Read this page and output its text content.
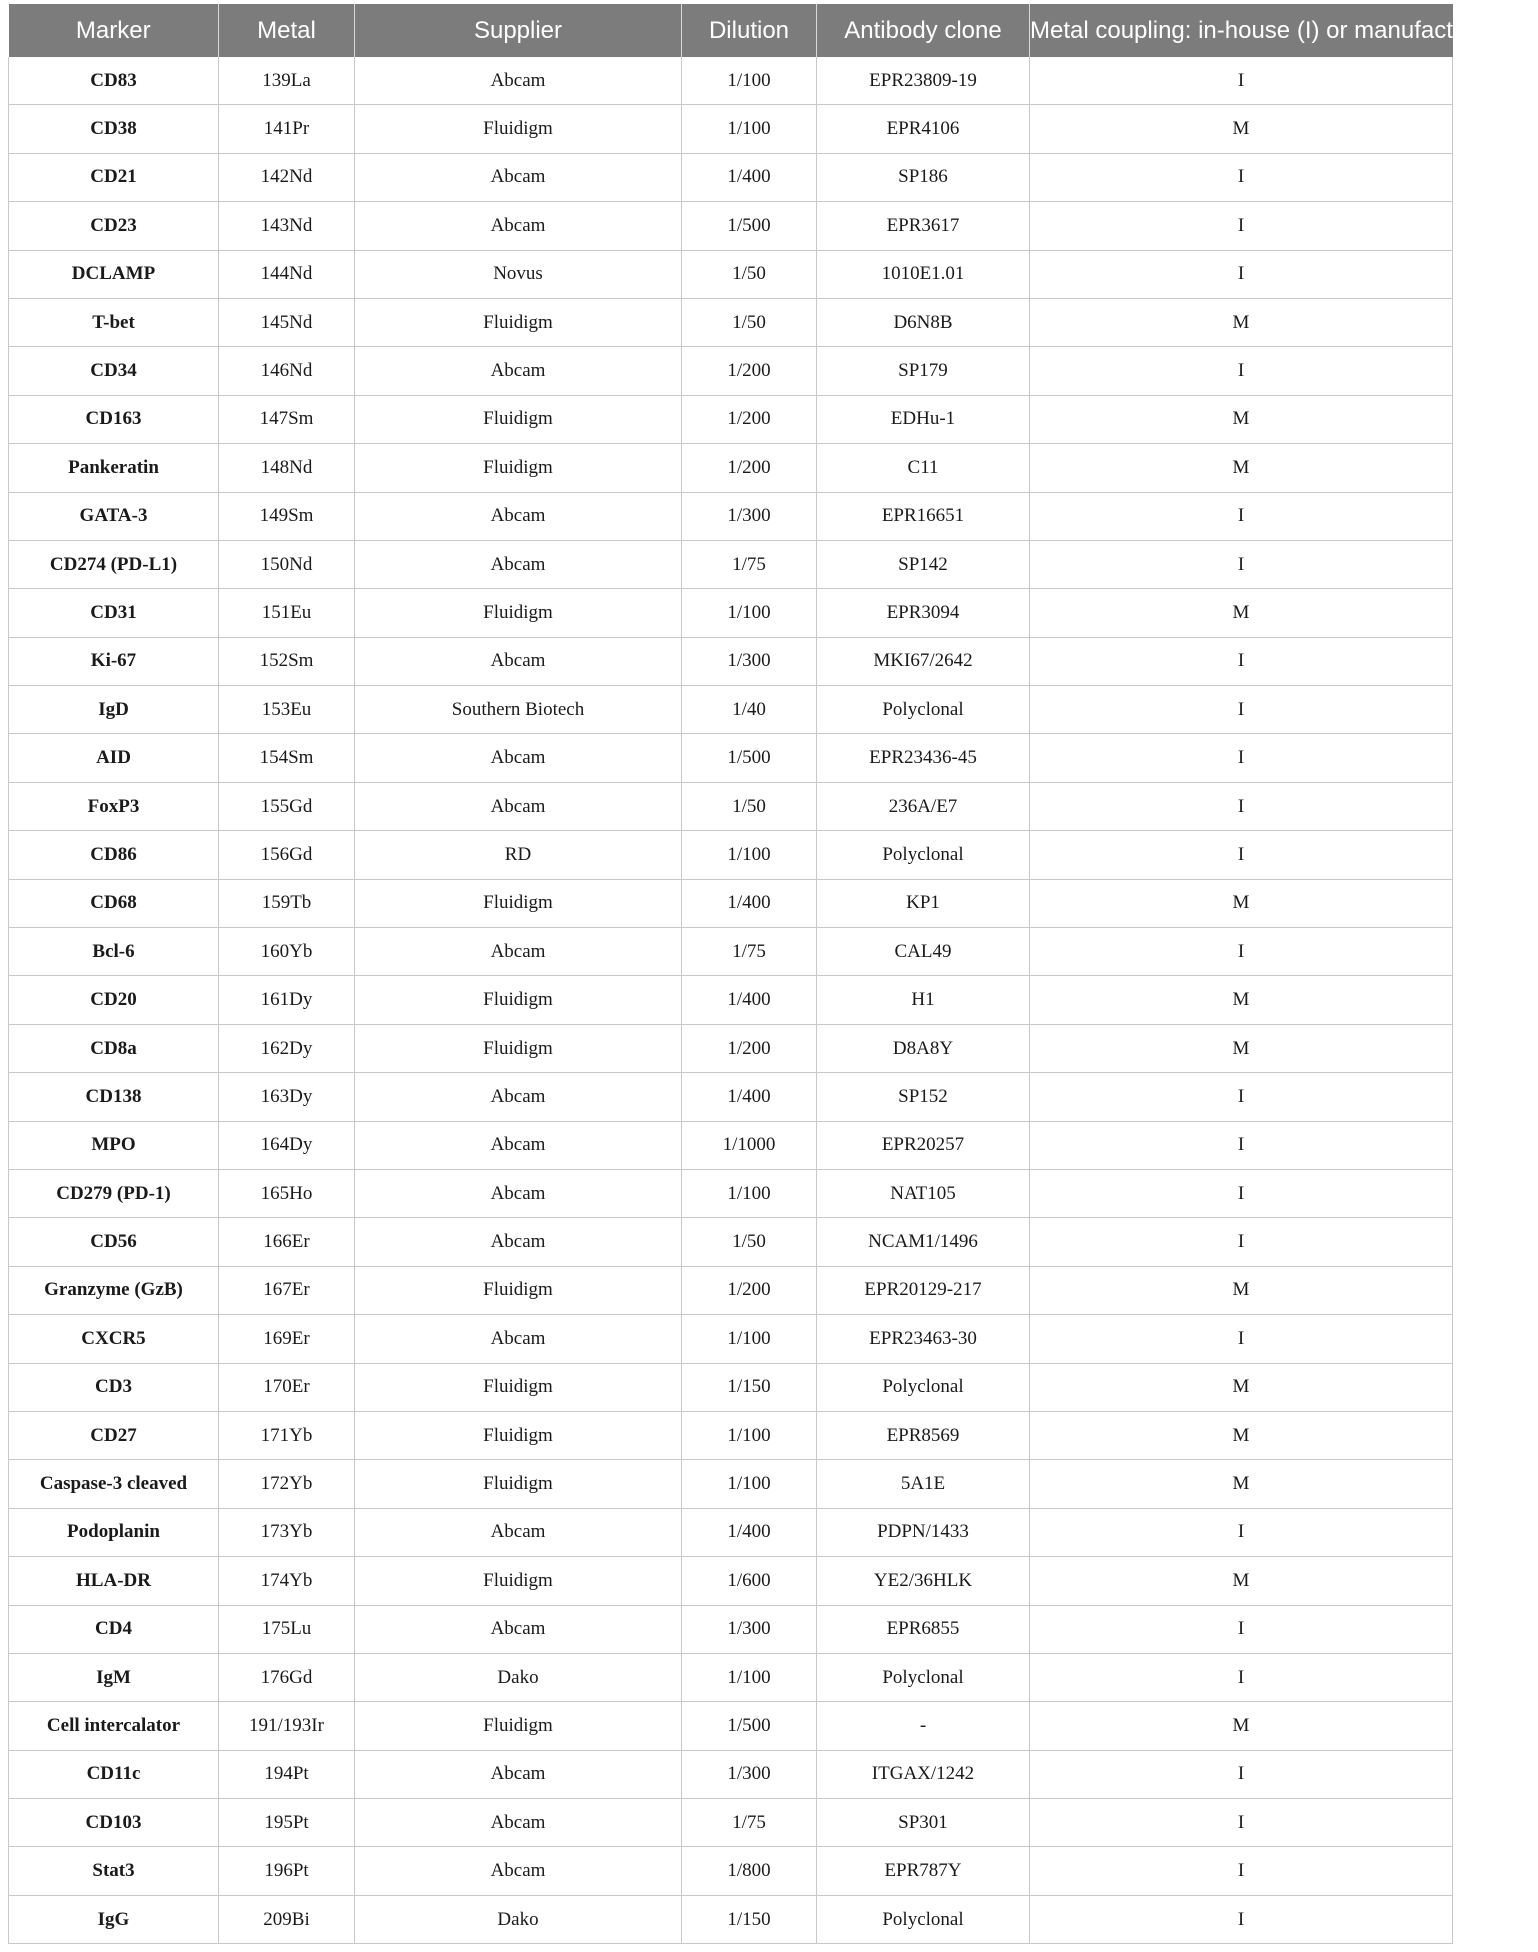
Marker	Metal	Supplier	Dilution	Antibody clone	Metal coupling: in-house (I) or manufacturer (M)
CD83	139La	Abcam	1/100	EPR23809-19	I
CD38	141Pr	Fluidigm	1/100	EPR4106	M
CD21	142Nd	Abcam	1/400	SP186	I
CD23	143Nd	Abcam	1/500	EPR3617	I
DCLAMP	144Nd	Novus	1/50	1010E1.01	I
T-bet	145Nd	Fluidigm	1/50	D6N8B	M
CD34	146Nd	Abcam	1/200	SP179	I
CD163	147Sm	Fluidigm	1/200	EDHu-1	M
Pankeratin	148Nd	Fluidigm	1/200	C11	M
GATA-3	149Sm	Abcam	1/300	EPR16651	I
CD274 (PD-L1)	150Nd	Abcam	1/75	SP142	I
CD31	151Eu	Fluidigm	1/100	EPR3094	M
Ki-67	152Sm	Abcam	1/300	MKI67/2642	I
IgD	153Eu	Southern Biotech	1/40	Polyclonal	I
AID	154Sm	Abcam	1/500	EPR23436-45	I
FoxP3	155Gd	Abcam	1/50	236A/E7	I
CD86	156Gd	RD	1/100	Polyclonal	I
CD68	159Tb	Fluidigm	1/400	KP1	M
Bcl-6	160Yb	Abcam	1/75	CAL49	I
CD20	161Dy	Fluidigm	1/400	H1	M
CD8a	162Dy	Fluidigm	1/200	D8A8Y	M
CD138	163Dy	Abcam	1/400	SP152	I
MPO	164Dy	Abcam	1/1000	EPR20257	I
CD279 (PD-1)	165Ho	Abcam	1/100	NAT105	I
CD56	166Er	Abcam	1/50	NCAM1/1496	I
Granzyme (GzB)	167Er	Fluidigm	1/200	EPR20129-217	M
CXCR5	169Er	Abcam	1/100	EPR23463-30	I
CD3	170Er	Fluidigm	1/150	Polyclonal	M
CD27	171Yb	Fluidigm	1/100	EPR8569	M
Caspase-3 cleaved	172Yb	Fluidigm	1/100	5A1E	M
Podoplanin	173Yb	Abcam	1/400	PDPN/1433	I
HLA-DR	174Yb	Fluidigm	1/600	YE2/36HLK	M
CD4	175Lu	Abcam	1/300	EPR6855	I
IgM	176Gd	Dako	1/100	Polyclonal	I
Cell intercalator	191/193Ir	Fluidigm	1/500	-	M
CD11c	194Pt	Abcam	1/300	ITGAX/1242	I
CD103	195Pt	Abcam	1/75	SP301	I
Stat3	196Pt	Abcam	1/800	EPR787Y	I
IgG	209Bi	Dako	1/150	Polyclonal	I
